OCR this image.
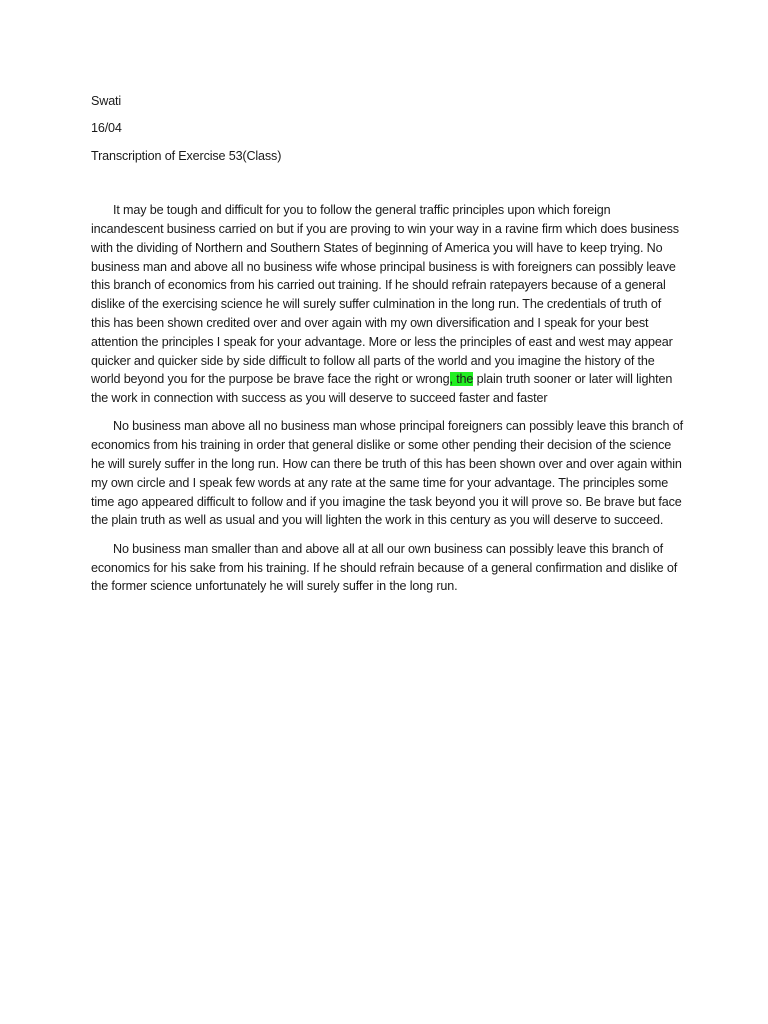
Swati

16/04

Transcription of Exercise 53(Class)

It may be tough and difficult for you to follow the general traffic principles upon which foreign incandescent business carried on but if you are proving to win your way in a ravine firm which does business with the dividing of Northern and Southern States of beginning of America you will have to keep trying. No business man and above all no business wife whose principal business is with foreigners can possibly leave this branch of economics from his carried out training. If he should refrain ratepayers because of a general dislike of the exercising science he will surely suffer culmination in the long run. The credentials of truth of this has been shown credited over and over again with my own diversification and I speak for your best attention the principles I speak for your advantage. More or less the principles of east and west may appear quicker and quicker side by side difficult to follow all parts of the world and you imagine the history of the world beyond you for the purpose be brave face the right or wrong, the plain truth sooner or later will lighten the work in connection with success as you will deserve to succeed faster and faster

No business man above all no business man whose principal foreigners can possibly leave this branch of economics from his training in order that general dislike or some other pending their decision of the science he will surely suffer in the long run. How can there be truth of this has been shown over and over again within my own circle and I speak few words at any rate at the same time for your advantage. The principles some time ago appeared difficult to follow and if you imagine the task beyond you it will prove so. Be brave but face the plain truth as well as usual and you will lighten the work in this century as you will deserve to succeed.

No business man smaller than and above all at all our own business can possibly leave this branch of economics for his sake from his training. If he should refrain because of a general confirmation and dislike of the former science unfortunately he will surely suffer in the long run.
